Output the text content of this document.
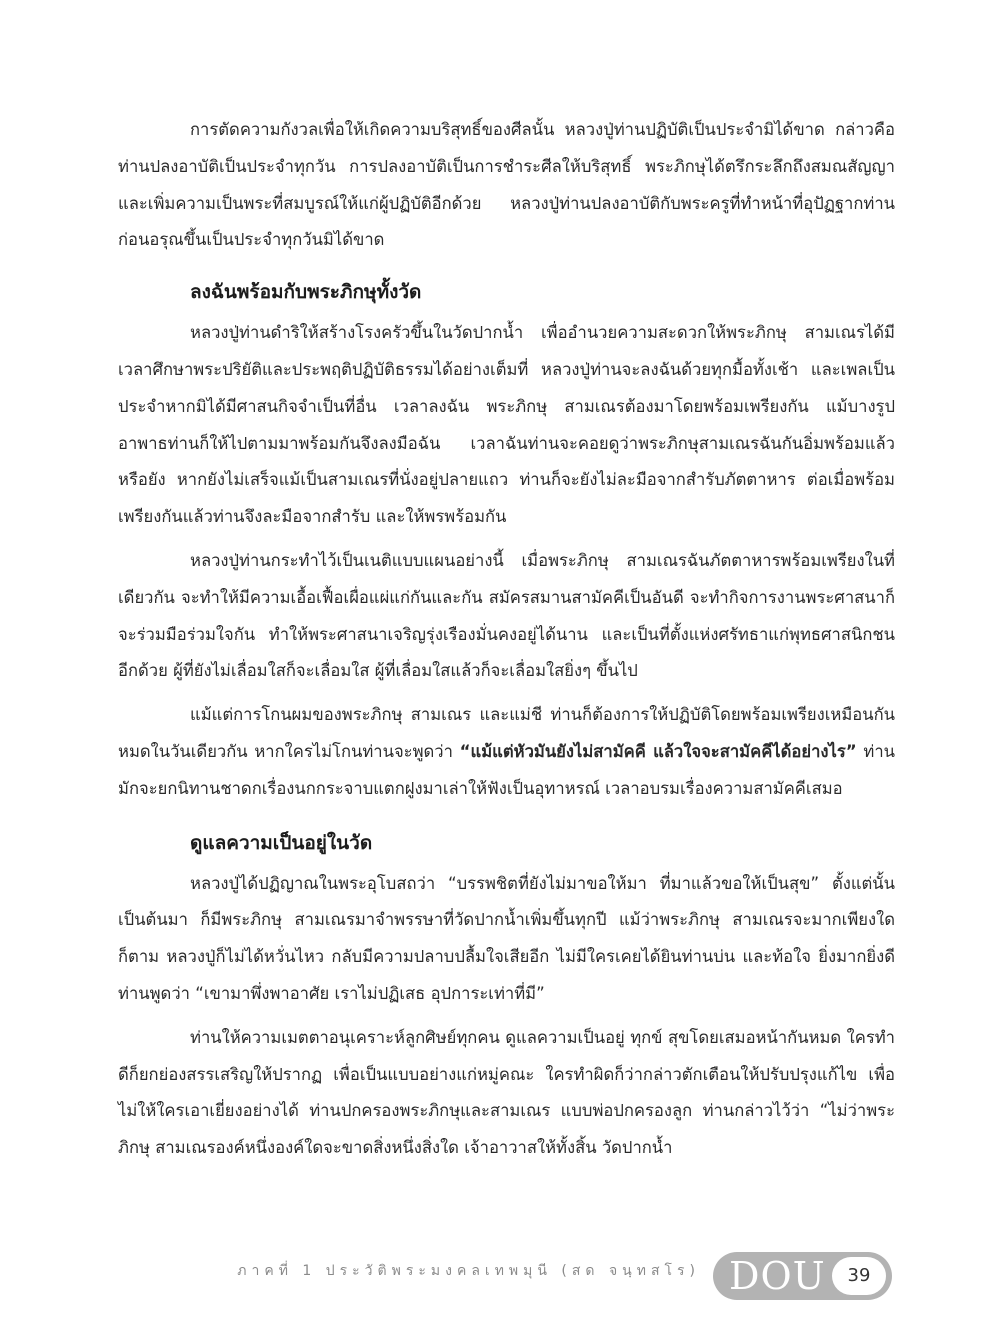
การตัดความกังวลเพื่อให้เกิดความบริสุทธิ์ของศีลนั้น หลวงปู่ท่านปฏิบัติเป็นประจำมิได้ขาด กล่าวคือ ท่านปลงอาบัติเป็นประจำทุกวัน การปลงอาบัติเป็นการชำระศีลให้บริสุทธิ์ พระภิกษุได้ตรึกระลึกถึงสมณสัญญา และเพิ่มความเป็นพระที่สมบูรณ์ให้แก่ผู้ปฏิบัติอีกด้วย หลวงปู่ท่านปลงอาบัติกับพระครูที่ทำหน้าที่อุปัฏฐากท่าน ก่อนอรุณขึ้นเป็นประจำทุกวันมิได้ขาด

ลงฉันพร้อมกับพระภิกษุทั้งวัด

หลวงปู่ท่านดำริให้สร้างโรงครัวขึ้นในวัดปากน้ำ เพื่ออำนวยความสะดวกให้พระภิกษุ สามเณรได้มีเวลาศึกษาพระปริยัติและประพฤติปฏิบัติธรรมได้อย่างเต็มที่ หลวงปู่ท่านจะลงฉันด้วยทุกมื้อทั้งเช้า และเพลเป็นประจำหากมิได้มีศาสนกิจจำเป็นที่อื่น เวลาลงฉัน พระภิกษุ สามเณรต้องมาโดยพร้อมเพรียงกัน แม้บางรูปอาพาธท่านก็ให้ไปตามมาพร้อมกันจึงลงมือฉัน เวลาฉันท่านจะคอยดูว่าพระภิกษุสามเณรฉันกันอิ่มพร้อมแล้วหรือยัง หากยังไม่เสร็จแม้เป็นสามเณรที่นั่งอยู่ปลายแถว ท่านก็จะยังไม่ละมือจากสำรับภัตตาหาร ต่อเมื่อพร้อมเพรียงกันแล้วท่านจึงละมือจากสำรับ และให้พรพร้อมกัน

หลวงปู่ท่านกระทำไว้เป็นเนติแบบแผนอย่างนี้ เมื่อพระภิกษุ สามเณรฉันภัตตาหารพร้อมเพรียงในที่เดียวกัน จะทำให้มีความเอื้อเฟื้อเผื่อแผ่แก่กันและกัน สมัครสมานสามัคคีเป็นอันดี จะทำกิจการงานพระศาสนาก็จะร่วมมือร่วมใจกัน ทำให้พระศาสนาเจริญรุ่งเรืองมั่นคงอยู่ได้นาน และเป็นที่ตั้งแห่งศรัทธาแก่พุทธศาสนิกชนอีกด้วย ผู้ที่ยังไม่เลื่อมใสก็จะเลื่อมใส ผู้ที่เลื่อมใสแล้วก็จะเลื่อมใสยิ่งๆ ขึ้นไป

แม้แต่การโกนผมของพระภิกษุ สามเณร และแม่ชี ท่านก็ต้องการให้ปฏิบัติโดยพร้อมเพรียงเหมือนกันหมดในวันเดียวกัน หากใครไม่โกนท่านจะพูดว่า “แม้แต่หัวมันยังไม่สามัคคี แล้วใจจะสามัคคีได้อย่างไร” ท่านมักจะยกนิทานชาดกเรื่องนกกระจาบแตกฝูงมาเล่าให้ฟังเป็นอุทาหรณ์ เวลาอบรมเรื่องความสามัคคีเสมอ

ดูแลความเป็นอยู่ในวัด

หลวงปู่ได้ปฏิญาณในพระอุโบสถว่า “บรรพชิตที่ยังไม่มาขอให้มา ที่มาแล้วขอให้เป็นสุข” ตั้งแต่นั้นเป็นต้นมา ก็มีพระภิกษุ สามเณรมาจำพรรษาที่วัดปากน้ำเพิ่มขึ้นทุกปี แม้ว่าพระภิกษุ สามเณรจะมากเพียงใดก็ตาม หลวงปู่ก็ไม่ได้หวั่นไหว กลับมีความปลาบปลื้มใจเสียอีก ไม่มีใครเคยได้ยินท่านบ่น และท้อใจ ยิ่งมากยิ่งดี ท่านพูดว่า “เขามาพึ่งพาอาศัย เราไม่ปฏิเสธ อุปการะเท่าที่มี”

ท่านให้ความเมตตาอนุเคราะห์ลูกศิษย์ทุกคน ดูแลความเป็นอยู่ ทุกข์ สุขโดยเสมอหน้ากันหมด ใครทำดีก็ยกย่องสรรเสริญให้ปรากฏ เพื่อเป็นแบบอย่างแก่หมู่คณะ ใครทำผิดก็ว่ากล่าวตักเตือนให้ปรับปรุงแก้ไข เพื่อไม่ให้ใครเอาเยี่ยงอย่างได้ ท่านปกครองพระภิกษุและสามเณร แบบพ่อปกครองลูก ท่านกล่าวไว้ว่า “ไม่ว่าพระภิกษุ สามเณรองค์หนึ่งองค์ใดจะขาดสิ่งหนึ่งสิ่งใด เจ้าอาวาสให้ทั้งสิ้น วัดปากน้ำ

ภาคที่ 1 ประวัติพระมงคลเทพมุนี (สด จนฺทสโร) DOU	39
